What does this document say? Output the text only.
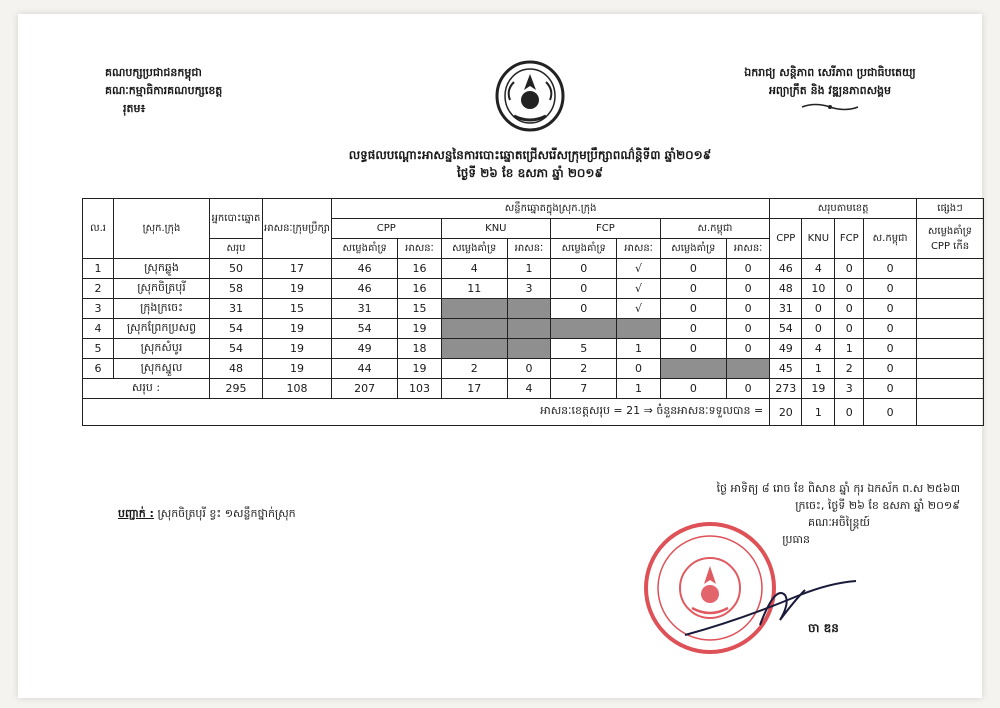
គណបក្សប្រជាជនកម្ពុជា
គណៈកម្មាធិការគណបក្សខេត្ត
រុតម៖
ឯករាជ្យ សន្តិភាព សេរីភាព ប្រជាធិបតេយ្យ
អព្យាក្រឹត និង វឌ្ឍនភាពសង្គម
លទ្ធផលបណ្ដោះអាសន្ននៃការបោះឆ្នោតជ្រើសរើសក្រុមប្រឹក្សាពណ៌ន្តិទី៣ ឆ្នាំ២០១៩
ថ្ងៃទី ២៦ ខែ ឧសភា ឆ្នាំ ២០១៩
ល.រ	ស្រុក.ក្រុង	អ្នកបោះឆ្នោត	អាសនៈក្រុមប្រឹក្សា	សន្លឹកឆ្នោតក្នុងស្រុក.ក្រុង								សរុបតាមខេត្ត				ផ្សេងៗ
				CPP		KNU		FCP		ស.កម្ពុជា		CPP	KNU	FCP	ស.កម្ពុជា	សម្លេងគាំទ្រ CPP កើន
		សរុប		សម្លេងគាំទ្រ	អាសនៈ	សម្លេងគាំទ្រ	អាសនៈ	សម្លេងគាំទ្រ	អាសនៈ	សម្លេងគាំទ្រ	អាសនៈ					
1	ស្រុកឆ្លូង	50	17	46	16	4	1	0	√	0	0	46	4	0	0	
2	ស្រុកចិត្របុរី	58	19	46	16	11	3	0	√	0	0	48	10	0	0	
3	ក្រុងក្រចេះ	31	15	31	15			0	√	0	0	31	0	0	0	
4	ស្រុកព្រែកប្រសព្វ	54	19	54	19					0	0	54	0	0	0	
5	ស្រុកសំបូរ	54	19	49	18			5	1	0	0	49	4	1	0	
6	ស្រុកស្នួល	48	19	44	19	2	0	2	0			45	1	2	0	
សរុប :		295	108	207	103	17	4	7	1	0	0	273	19	3	0	
អាសនៈខេត្តសរុប = 21 ⇒ ចំនួនអាសនៈទទួលបាន =												20	1	0	0	
បញ្ជាក់ : ស្រុកចិត្របុរី ខ្វះ ១សន្លឹកថ្នាក់ស្រុក
ថ្ងៃ អាទិត្យ ៨ រោច ខែ ពិសាខ ឆ្នាំ កុរ ឯកស័ក ព.ស ២៥៦៣
ក្រចេះ, ថ្ងៃទី ២៦ ខែ ឧសភា ឆ្នាំ ២០១៩
គណៈអចិន្ត្រៃយ៍
ប្រធាន
ចា ឌន
